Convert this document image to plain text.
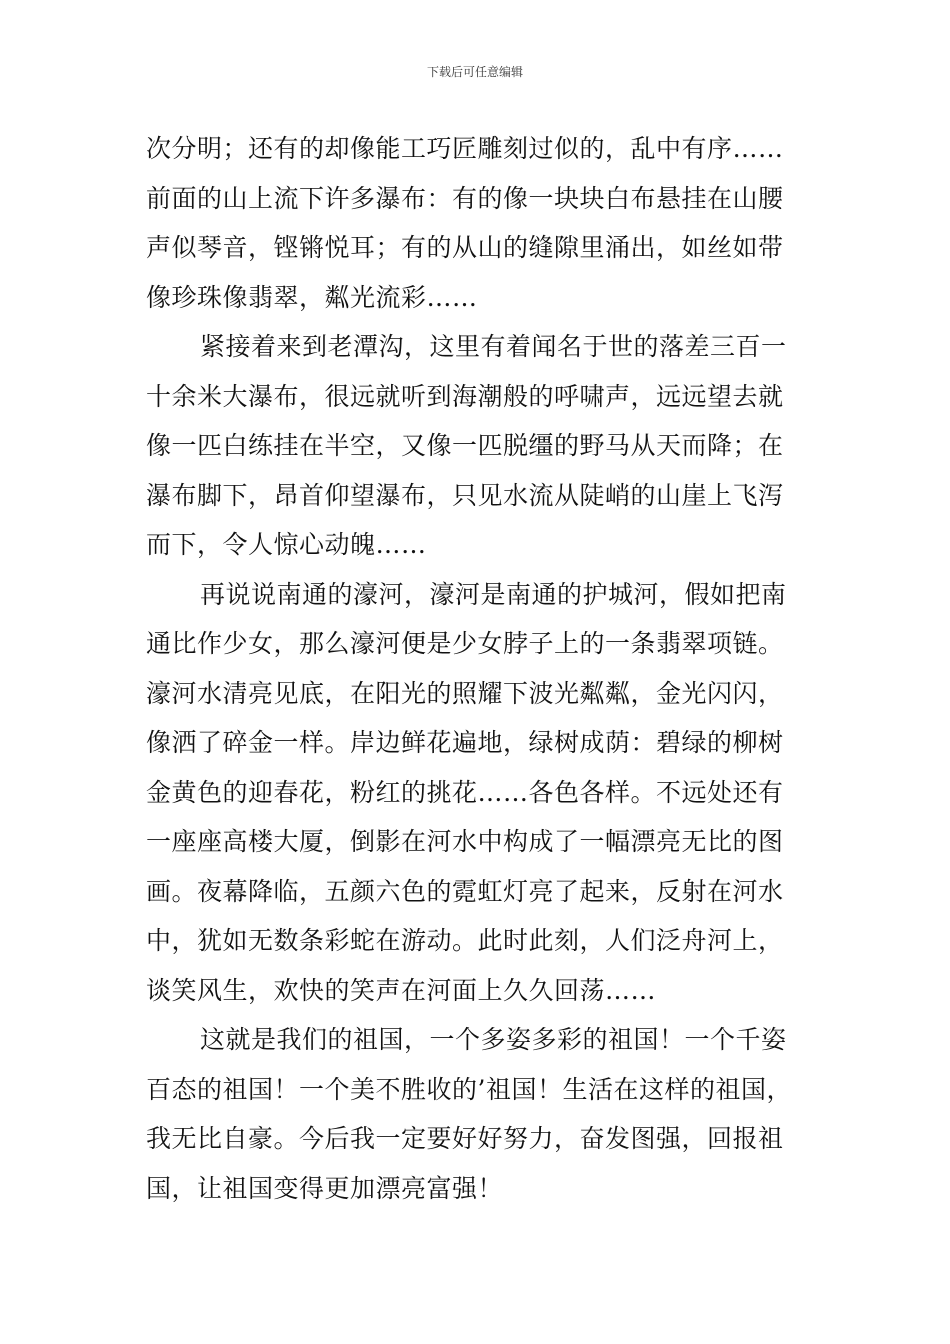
下载后可任意编辑
次分明；还有的却像能工巧匠雕刻过似的，乱中有序……
前面的山上流下许多瀑布：有的像一块块白布悬挂在山腰
声似琴音，铿锵悦耳；有的从山的缝隙里涌出，如丝如带
像珍珠像翡翠，粼光流彩……
紧接着来到老潭沟，这里有着闻名于世的落差三百一
十余米大瀑布，很远就听到海潮般的呼啸声，远远望去就
像一匹白练挂在半空，又像一匹脱缰的野马从天而降；在
瀑布脚下，昂首仰望瀑布，只见水流从陡峭的山崖上飞泻
而下，令人惊心动魄……
再说说南通的濠河，濠河是南通的护城河，假如把南
通比作少女，那么濠河便是少女脖子上的一条翡翠项链。
濠河水清亮见底，在阳光的照耀下波光粼粼，金光闪闪，
像洒了碎金一样。岸边鲜花遍地，绿树成荫：碧绿的柳树
金黄色的迎春花，粉红的挑花……各色各样。不远处还有
一座座高楼大厦，倒影在河水中构成了一幅漂亮无比的图
画。夜幕降临，五颜六色的霓虹灯亮了起来，反射在河水
中，犹如无数条彩蛇在游动。此时此刻，人们泛舟河上，
谈笑风生，欢快的笑声在河面上久久回荡……
这就是我们的祖国，一个多姿多彩的祖国！一个千姿
百态的祖国！一个美不胜收的’祖国！生活在这样的祖国，
我无比自豪。今后我一定要好好努力，奋发图强，回报祖
国，让祖国变得更加漂亮富强！
